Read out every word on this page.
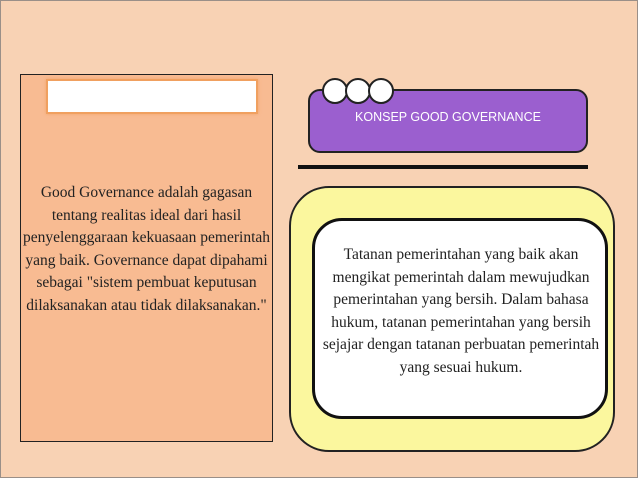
Good Governance adalah gagasan tentang realitas ideal dari hasil penyelenggaraan kekuasaan pemerintah yang baik. Governance dapat dipahami sebagai "sistem pembuat keputusan dilaksanakan atau tidak dilaksanakan."
KONSEP GOOD GOVERNANCE
Tatanan pemerintahan yang baik akan mengikat pemerintah dalam mewujudkan pemerintahan yang bersih. Dalam bahasa hukum, tatanan pemerintahan yang bersih sejajar dengan tatanan perbuatan pemerintah yang sesuai hukum.
